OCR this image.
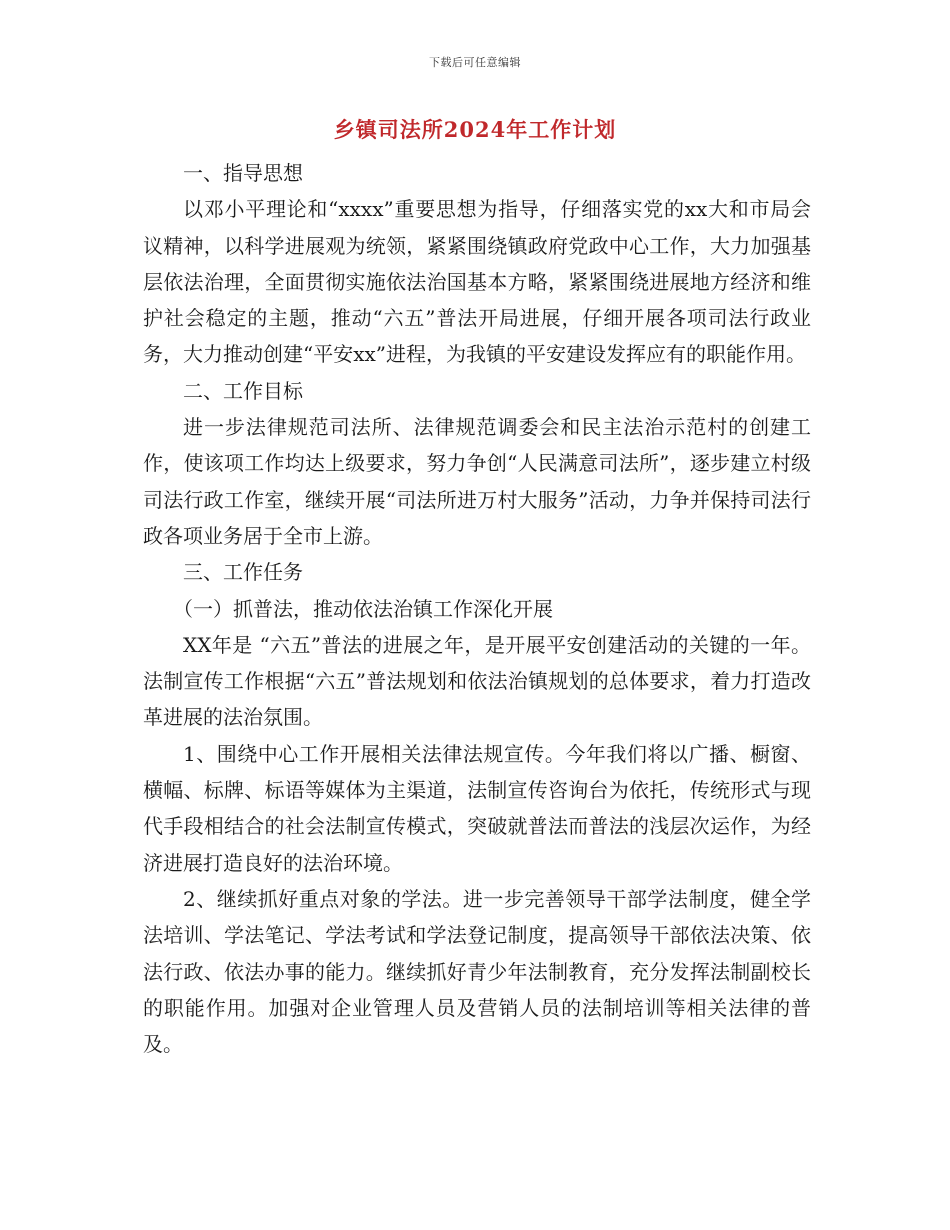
下载后可任意编辑
乡镇司法所2024年工作计划

一、指导思想

以邓小平理论和“xxxx”重要思想为指导，仔细落实党的xx大和市局会议精神，以科学进展观为统领，紧紧围绕镇政府党政中心工作，大力加强基层依法治理，全面贯彻实施依法治国基本方略，紧紧围绕进展地方经济和维护社会稳定的主题，推动“六五”普法开局进展，仔细开展各项司法行政业务，大力推动创建“平安xx”进程，为我镇的平安建设发挥应有的职能作用。

二、工作目标

进一步法律规范司法所、法律规范调委会和民主法治示范村的创建工作，使该项工作均达上级要求，努力争创“人民满意司法所”，逐步建立村级司法行政工作室，继续开展“司法所进万村大服务”活动，力争并保持司法行政各项业务居于全市上游。

三、工作任务

（一）抓普法，推动依法治镇工作深化开展

XX年是 “六五”普法的进展之年，是开展平安创建活动的关键的一年。法制宣传工作根据“六五”普法规划和依法治镇规划的总体要求，着力打造改革进展的法治氛围。

1、围绕中心工作开展相关法律法规宣传。今年我们将以广播、橱窗、横幅、标牌、标语等媒体为主渠道，法制宣传咨询台为依托，传统形式与现代手段相结合的社会法制宣传模式，突破就普法而普法的浅层次运作，为经济进展打造良好的法治环境。

2、继续抓好重点对象的学法。进一步完善领导干部学法制度，健全学法培训、学法笔记、学法考试和学法登记制度，提高领导干部依法决策、依法行政、依法办事的能力。继续抓好青少年法制教育，充分发挥法制副校长的职能作用。加强对企业管理人员及营销人员的法制培训等相关法律的普及。
